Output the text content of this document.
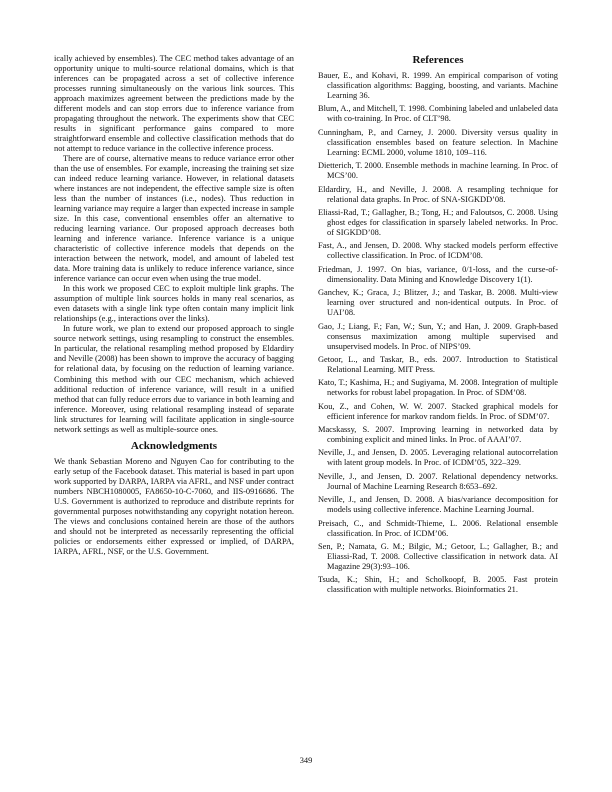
ically achieved by ensembles). The CEC method takes advantage of an opportunity unique to multi-source relational domains, which is that inferences can be propagated across a set of collective inference processes running simultaneously on the various link sources. This approach maximizes agreement between the predictions made by the different models and can stop errors due to inference variance from propagating throughout the network. The experiments show that CEC results in significant performance gains compared to more straightforward ensemble and collective classification methods that do not attempt to reduce variance in the collective inference process.

There are of course, alternative means to reduce variance error other than the use of ensembles. For example, increasing the training set size can indeed reduce learning variance. However, in relational datasets where instances are not independent, the effective sample size is often less than the number of instances (i.e., nodes). Thus reduction in learning variance may require a larger than expected increase in sample size. In this case, conventional ensembles offer an alternative to reducing learning variance. Our proposed approach decreases both learning and inference variance. Inference variance is a unique characteristic of collective inference models that depends on the interaction between the network, model, and amount of labeled test data. More training data is unlikely to reduce inference variance, since inference variance can occur even when using the true model.

In this work we proposed CEC to exploit multiple link graphs. The assumption of multiple link sources holds in many real scenarios, as even datasets with a single link type often contain many implicit link relationships (e.g., interactions over the links).

In future work, we plan to extend our proposed approach to single source network settings, using resampling to construct the ensembles. In particular, the relational resampling method proposed by Eldardiry and Neville (2008) has been shown to improve the accuracy of bagging for relational data, by focusing on the reduction of learning variance. Combining this method with our CEC mechanism, which achieved additional reduction of inference variance, will result in a unified method that can fully reduce errors due to variance in both learning and inference. Moreover, using relational resampling instead of separate link structures for learning will facilitate application in single-source network settings as well as multiple-source ones.

Acknowledgments

We thank Sebastian Moreno and Nguyen Cao for contributing to the early setup of the Facebook dataset. This material is based in part upon work supported by DARPA, IARPA via AFRL, and NSF under contract numbers NBCH1080005, FA8650-10-C-7060, and IIS-0916686. The U.S. Government is authorized to reproduce and distribute reprints for governmental purposes notwithstanding any copyright notation hereon. The views and conclusions contained herein are those of the authors and should not be interpreted as necessarily representing the official policies or endorsements either expressed or implied, of DARPA, IARPA, AFRL, NSF, or the U.S. Government.

References
Bauer, E., and Kohavi, R. 1999. An empirical comparison of voting classification algorithms: Bagging, boosting, and variants. Machine Learning 36.
Blum, A., and Mitchell, T. 1998. Combining labeled and unlabeled data with co-training. In Proc. of CLT’98.
Cunningham, P., and Carney, J. 2000. Diversity versus quality in classification ensembles based on feature selection. In Machine Learning: ECML 2000, volume 1810, 109–116.
Dietterich, T. 2000. Ensemble methods in machine learning. In Proc. of MCS’00.
Eldardiry, H., and Neville, J. 2008. A resampling technique for relational data graphs. In Proc. of SNA-SIGKDD’08.
Eliassi-Rad, T.; Gallagher, B.; Tong, H.; and Faloutsos, C. 2008. Using ghost edges for classification in sparsely labeled networks. In Proc. of SIGKDD’08.
Fast, A., and Jensen, D. 2008. Why stacked models perform effective collective classification. In Proc. of ICDM’08.
Friedman, J. 1997. On bias, variance, 0/1-loss, and the curse-of-dimensionality. Data Mining and Knowledge Discovery 1(1).
Ganchev, K.; Graca, J.; Blitzer, J.; and Taskar, B. 2008. Multi-view learning over structured and non-identical outputs. In Proc. of UAI’08.
Gao, J.; Liang, F.; Fan, W.; Sun, Y.; and Han, J. 2009. Graph-based consensus maximization among multiple supervised and unsupervised models. In Proc. of NIPS’09.
Getoor, L., and Taskar, B., eds. 2007. Introduction to Statistical Relational Learning. MIT Press.
Kato, T.; Kashima, H.; and Sugiyama, M. 2008. Integration of multiple networks for robust label propagation. In Proc. of SDM’08.
Kou, Z., and Cohen, W. W. 2007. Stacked graphical models for efficient inference for markov random fields. In Proc. of SDM’07.
Macskassy, S. 2007. Improving learning in networked data by combining explicit and mined links. In Proc. of AAAI’07.
Neville, J., and Jensen, D. 2005. Leveraging relational autocorrelation with latent group models. In Proc. of ICDM’05, 322–329.
Neville, J., and Jensen, D. 2007. Relational dependency networks. Journal of Machine Learning Research 8:653–692.
Neville, J., and Jensen, D. 2008. A bias/variance decomposition for models using collective inference. Machine Learning Journal.
Preisach, C., and Schmidt-Thieme, L. 2006. Relational ensemble classification. In Proc. of ICDM’06.
Sen, P.; Namata, G. M.; Bilgic, M.; Getoor, L.; Gallagher, B.; and Eliassi-Rad, T. 2008. Collective classification in network data. AI Magazine 29(3):93–106.
Tsuda, K.; Shin, H.; and Scholkoopf, B. 2005. Fast protein classification with multiple networks. Bioinformatics 21.
349
